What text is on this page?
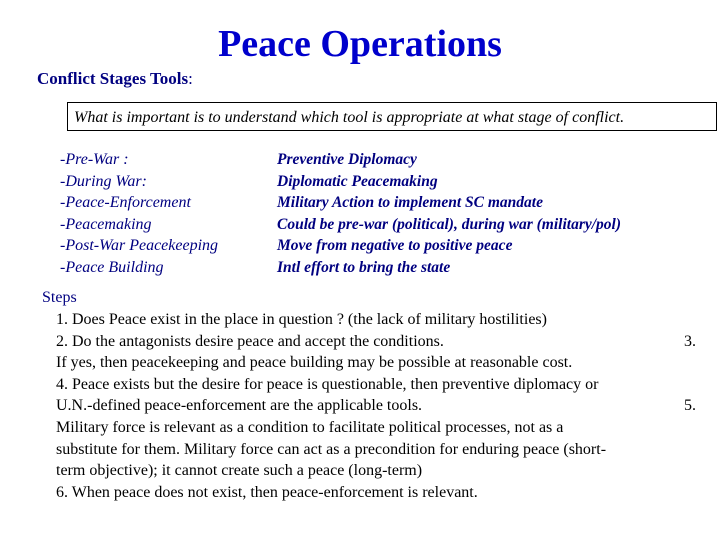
Peace Operations
Conflict Stages Tools:
What is important is to understand which tool is appropriate at what stage of conflict.
-Pre-War :
-During War:
-Peace-Enforcement
-Peacemaking
-Post-War Peacekeeping
-Peace Building
Preventive Diplomacy
Diplomatic Peacemaking
Military Action to implement SC mandate
Could be pre-war (political), during war (military/pol)
Move from negative to positive peace
Intl effort to bring the state
Steps
1. Does Peace exist in the place in question ? (the lack of military hostilities)
2. Do the antagonists desire peace and accept the conditions.	3.
If yes, then peacekeeping and peace building may be possible at reasonable cost.
4. Peace exists but the desire for peace is questionable, then preventive diplomacy or
U.N.-defined peace-enforcement are the applicable tools.	5.
Military force is relevant as a condition to facilitate political processes, not as a
substitute for them. Military force can act as a precondition for enduring peace (short-
term objective); it cannot create such a peace (long-term)
6. When peace does not exist, then peace-enforcement is relevant.
